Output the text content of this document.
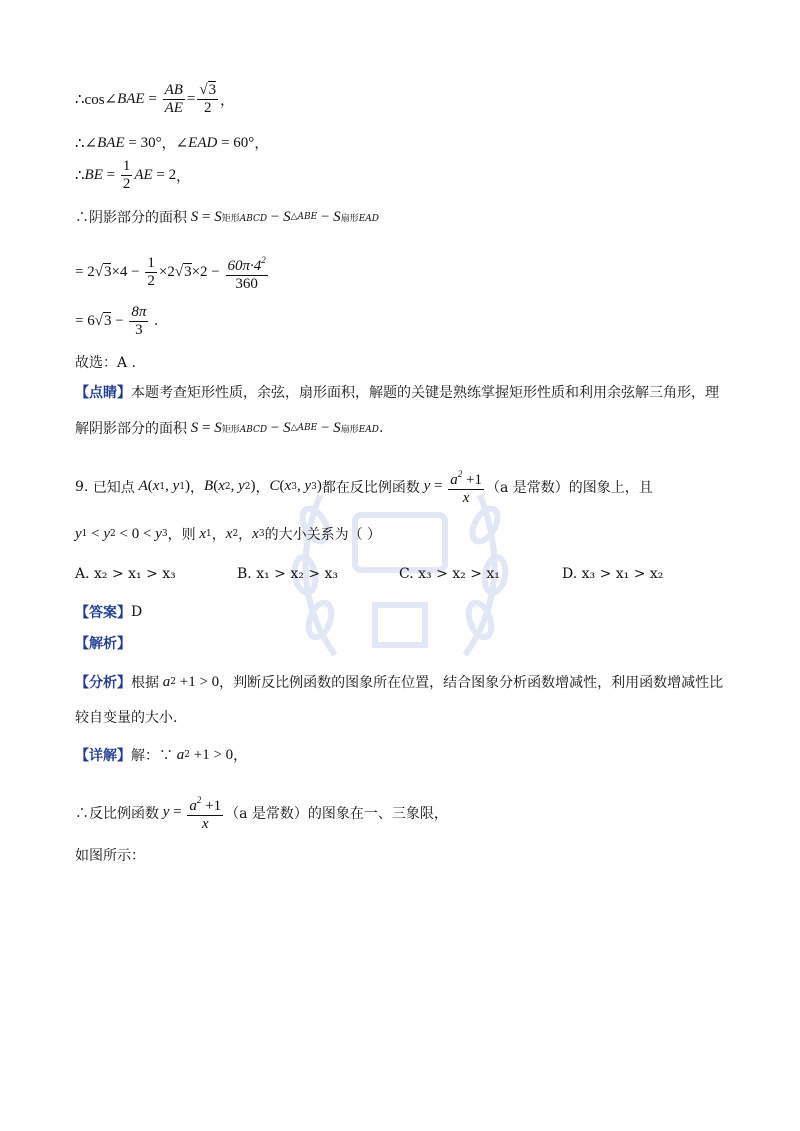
∴cos∠ BAE = $\frac{AB}{AE} = \frac{√3}{2}$ ，
∴∠ BAE = 30° ， ∠ EAD = 60° ，
∴ BE = $\frac{1}{2}$ AE = 2 ，
∴阴影部分的面积 S = S 矩形ABCD − S △ABE − S 扇形EAD
= $2√3\times 4 - \frac{1}{2} \times 2√3\times 2 - \frac{60\pi\cdot 4^2}{360}$
= $6√3 - \frac{8\pi}{3}$ .
故选：A .
【点睛】 本题考查矩形性质，余弦，扇形面积，解题的关键是熟练掌握矩形性质和利用余弦解三角形，理
解阴影部分的面积 S = S 矩形ABCD − S △ABE − S 扇形EAD .
9.
已知点 A ( x 1 , y 1 ) ， B ( x 2 , y 2 ) ， C ( x 3 , y 3 ) 都在反比例函数 $y = \frac{a^2 +1}{x} (a$ 是常数）的图象上，且
y 1 < y 2 < 0 < y 3 ，则 x 1 ， x 2 ， x 3 的大小关系为（ ）
A. x₂ > x₁ > x₃	B. x₁ > x₂ > x₃	C. x₃ > x₂ > x₁	D. x₃ > x₁ > x₂
【答案】 D
【解析】
【分析】 根据 a 2 +1 > 0 ，判断反比例函数的图象所在位置，结合图象分析函数增减性，利用函数增减性比
较自变量的大小.
【详解】 解：∵ a 2 +1 > 0 ，
∴反比例函数 $y = \frac{a^2 +1}{x} (a$ 是常数）的图象在一、三象限，
如图所示：
